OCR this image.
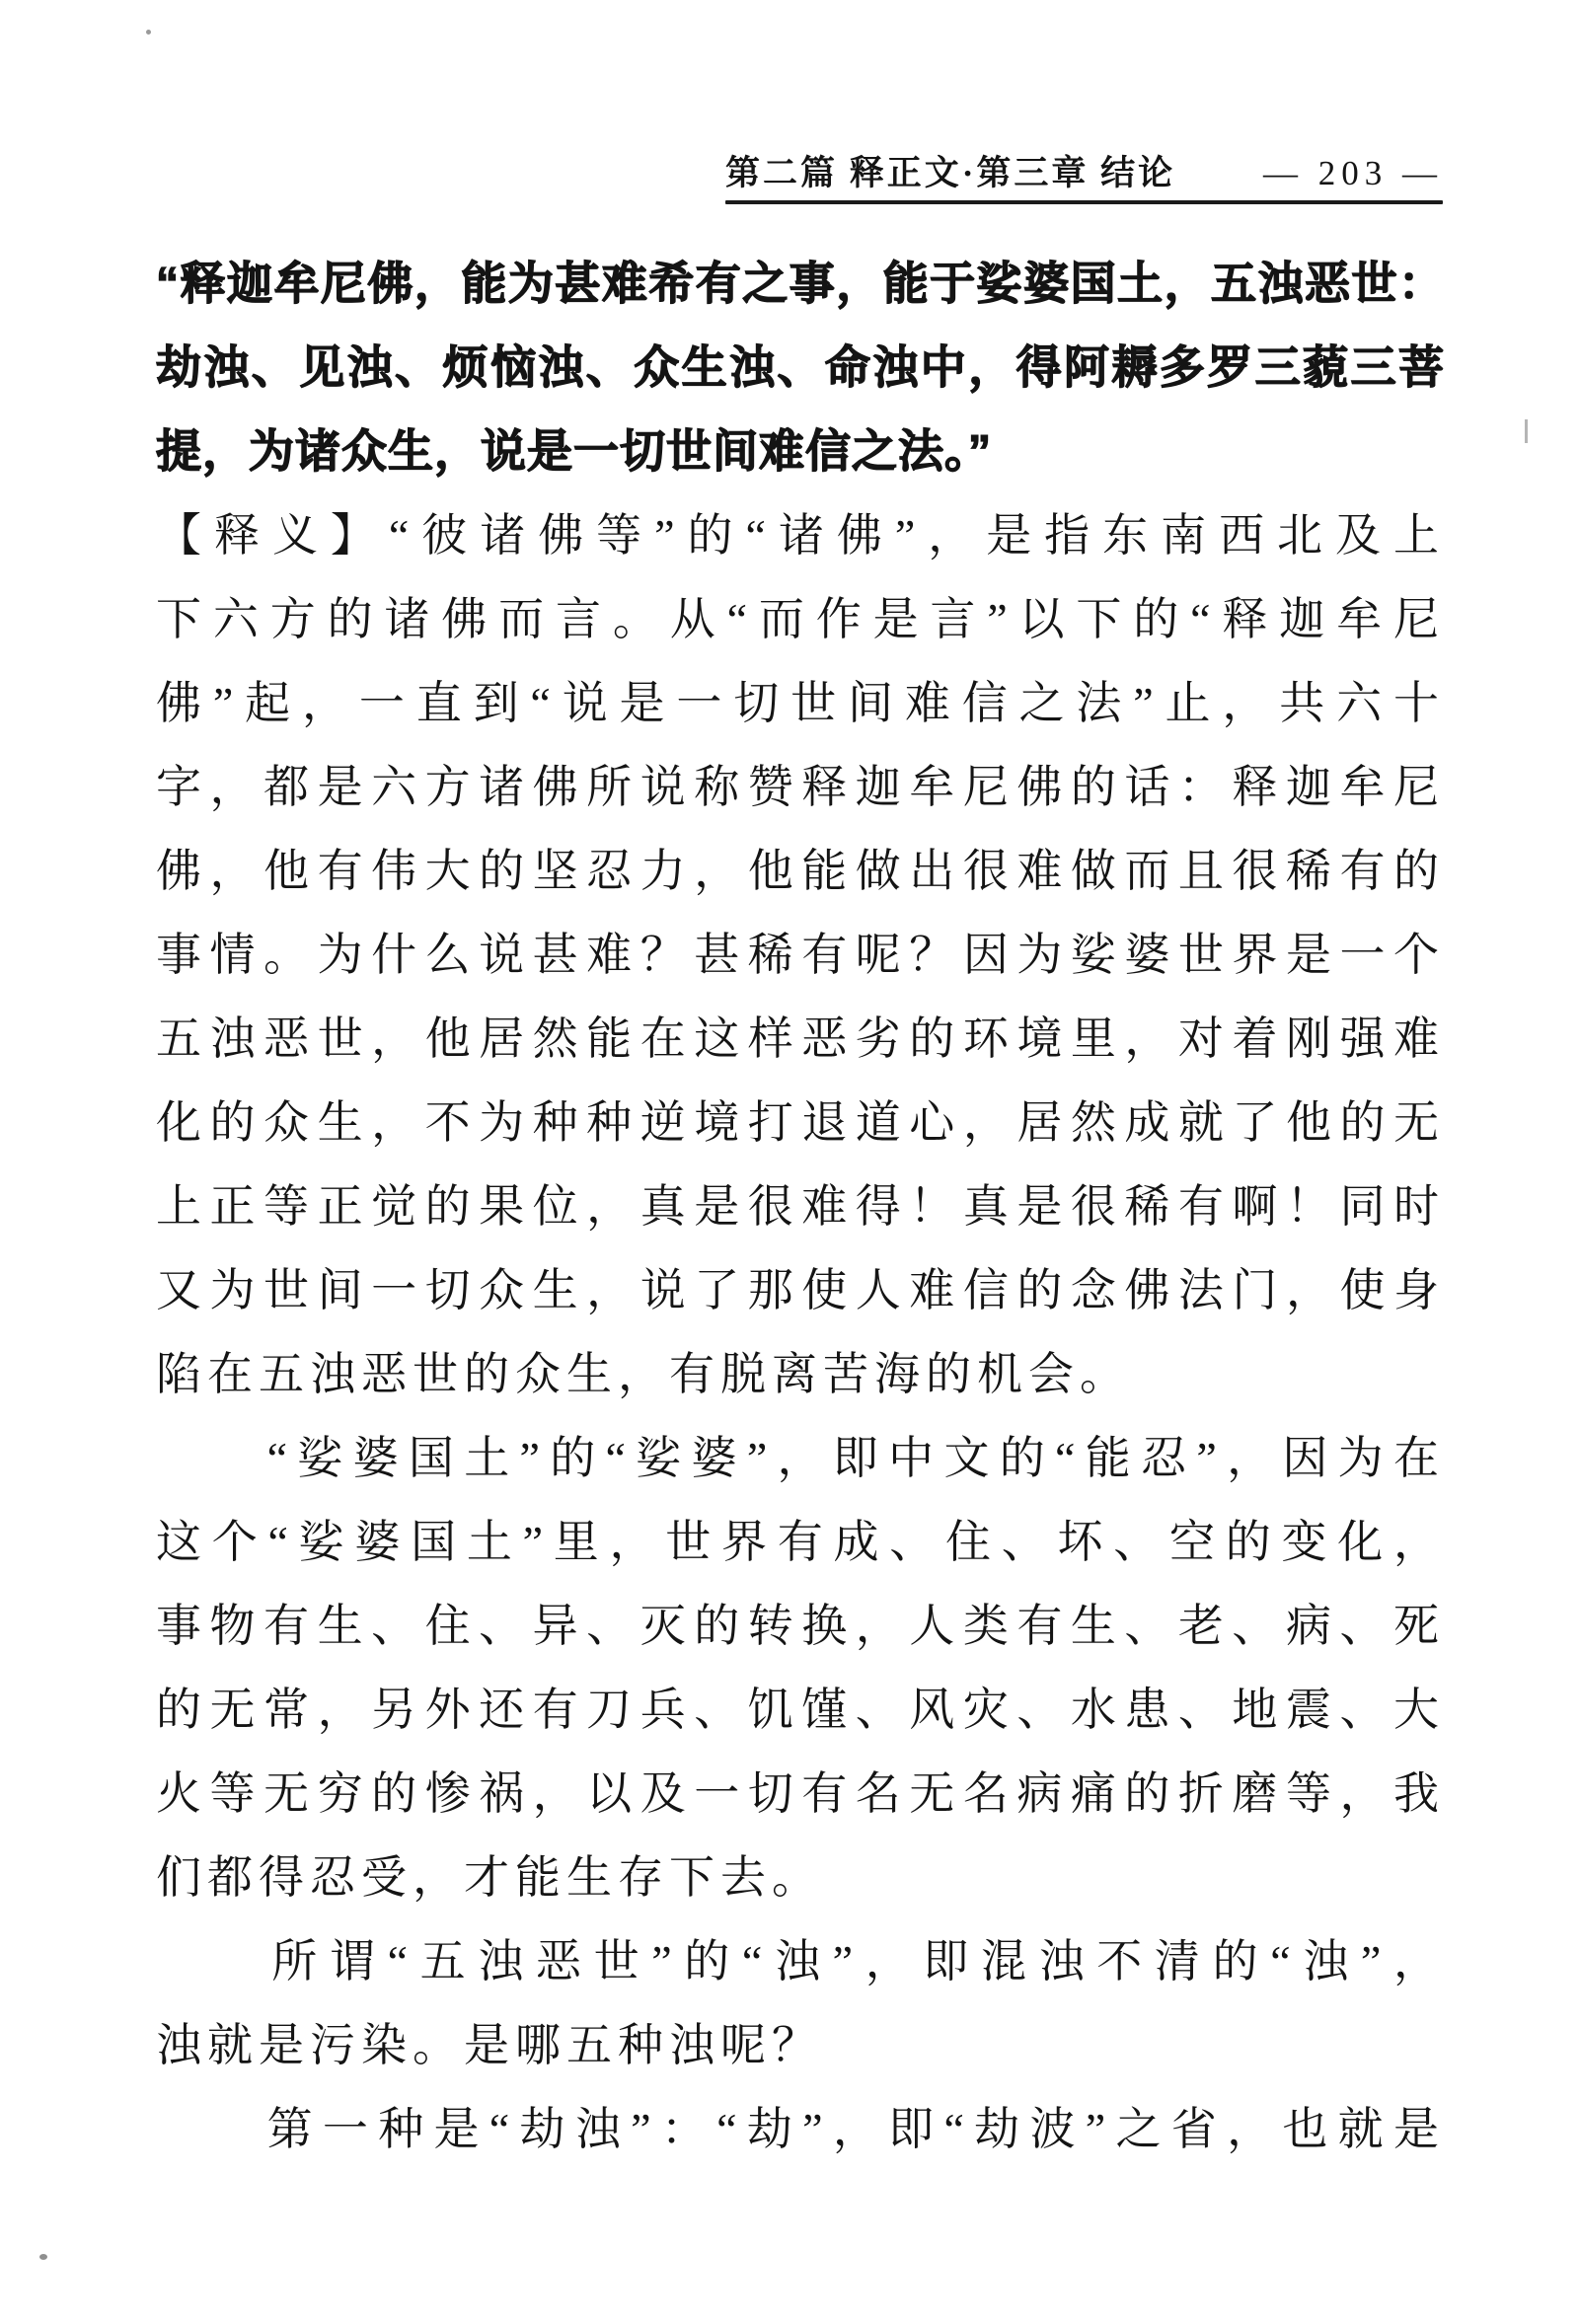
第二篇 释正文·第三章 结论	— 203 —
“释迦牟尼佛，能为甚难希有之事，能于娑婆国土，五浊恶世：
劫浊、见浊、烦恼浊、众生浊、命浊中，得阿耨多罗三藐三菩
提，为诸众生，说是一切世间难信之法。”
【释义】“彼诸佛等”的“诸佛”，是指东南西北及上
下六方的诸佛而言。从“而作是言”以下的“释迦牟尼
佛”起，一直到“说是一切世间难信之法”止，共六十
字，都是六方诸佛所说称赞释迦牟尼佛的话：释迦牟尼
佛，他有伟大的坚忍力，他能做出很难做而且很稀有的
事情。为什么说甚难？甚稀有呢？因为娑婆世界是一个
五浊恶世，他居然能在这样恶劣的环境里，对着刚强难
化的众生，不为种种逆境打退道心，居然成就了他的无
上正等正觉的果位，真是很难得！真是很稀有啊！同时
又为世间一切众生，说了那使人难信的念佛法门，使身
陷在五浊恶世的众生，有脱离苦海的机会。
　　“娑婆国土”的“娑婆”，即中文的“能忍”，因为在
这个“娑婆国土”里，世界有成、住、坏、空的变化，
事物有生、住、异、灭的转换，人类有生、老、病、死
的无常，另外还有刀兵、饥馑、风灾、水患、地震、大
火等无穷的惨祸，以及一切有名无名病痛的折磨等，我
们都得忍受，才能生存下去。
　　所谓“五浊恶世”的“浊”，即混浊不清的“浊”，
浊就是污染。是哪五种浊呢？
　　第一种是“劫浊”：“劫”，即“劫波”之省，也就是
